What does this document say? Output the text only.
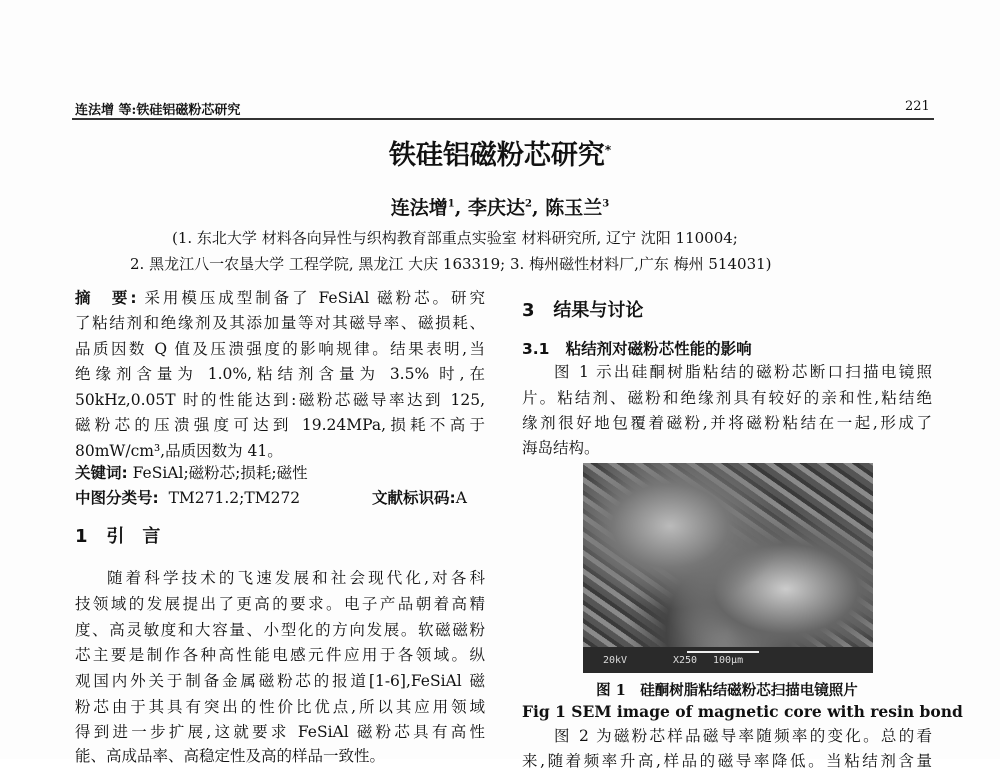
连法增 等:铁硅铝磁粉芯研究	221
铁硅铝磁粉芯研究*
连法增$^1$, 李庆达$^2$, 陈玉兰$^3$
(1. 东北大学 材料各向异性与织构教育部重点实验室 材料研究所, 辽宁 沈阳 110004;
2. 黑龙江八一农垦大学 工程学院, 黑龙江 大庆 163319; 3. 梅州磁性材料厂,广东 梅州 514031)
摘　要: 采用模压成型制备了 FeSiAl 磁粉芯。研究
了粘结剂和绝缘剂及其添加量等对其磁导率、磁损耗、
品质因数 Q 值及压溃强度的影响规律。结果表明,当
绝缘剂含量为 1.0%,粘结剂含量为 3.5% 时,在
50kHz,0.05T 时的性能达到:磁粉芯磁导率达到 125,
磁粉芯的压溃强度可达到 19.24MPa,损耗不高于
80mW/cm³,品质因数为 41。
关键词: FeSiAl;磁粉芯;损耗;磁性
中图分类号: TM271.2;TM272	文献标识码:A
1 引　言
随着科学技术的飞速发展和社会现代化,对各科
技领域的发展提出了更高的要求。电子产品朝着高精
度、高灵敏度和大容量、小型化的方向发展。软磁磁粉
芯主要是制作各种高性能电感元件应用于各领域。纵
观国内外关于制备金属磁粉芯的报道[1-6],FeSiAl 磁
粉芯由于其具有突出的性价比优点,所以其应用领域
得到进一步扩展,这就要求 FeSiAl 磁粉芯具有高性
能、高成品率、高稳定性及高的样品一致性。
3 结果与讨论
3.1 粘结剂对磁粉芯性能的影响
图 1 示出硅酮树脂粘结的磁粉芯断口扫描电镜照
片。粘结剂、磁粉和绝缘剂具有较好的亲和性,粘结绝
缘剂很好地包覆着磁粉,并将磁粉粘结在一起,形成了
海岛结构。
20kV	X250 100μm
图 1　硅酮树脂粘结磁粉芯扫描电镜照片
Fig 1 SEM image of magnetic core with resin bond
图 2 为磁粉芯样品磁导率随频率的变化。总的看
来,随着频率升高,样品的磁导率降低。当粘结剂含量
